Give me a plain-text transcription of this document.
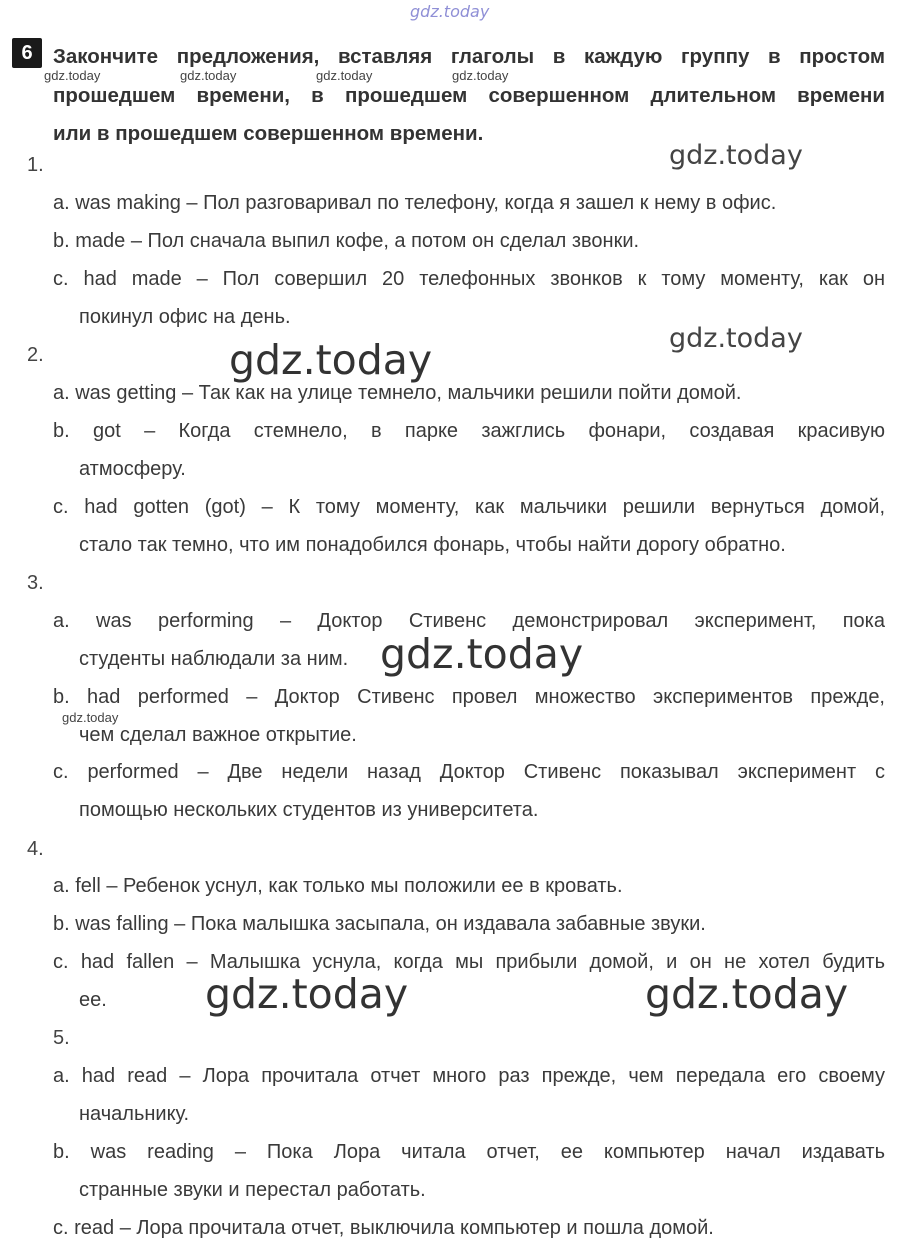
gdz.today
gdz.today	gdz.today	gdz.today	gdz.today
gdz.today
gdz.today
gdz.today
gdz.today
gdz.today
gdz.today	gdz.today
6 Закончите предложения, вставляя глаголы в каждую группу в простом
прошедшем времени, в прошедшем совершенном длительном времени
или в прошедшем совершенном времени.
1.
a. was making – Пол разговаривал по телефону, когда я зашел к нему в офис.
b. made – Пол сначала выпил кофе, а потом он сделал звонки.
c. had made – Пол совершил 20 телефонных звонков к тому моменту, как он
покинул офис на день.
2.
a. was getting – Так как на улице темнело, мальчики решили пойти домой.
b. got – Когда стемнело, в парке зажглись фонари, создавая красивую
атмосферу.
c. had gotten (got) – К тому моменту, как мальчики решили вернуться домой,
стало так темно, что им понадобился фонарь, чтобы найти дорогу обратно.
3.
a. was performing – Доктор Стивенс демонстрировал эксперимент, пока
студенты наблюдали за ним.
b. had performed – Доктор Стивенс провел множество экспериментов прежде,
чем сделал важное открытие.
c. performed – Две недели назад Доктор Стивенс показывал эксперимент с
помощью нескольких студентов из университета.
4.
a. fell – Ребенок уснул, как только мы положили ее в кровать.
b. was falling – Пока малышка засыпала, он издавала забавные звуки.
c. had fallen – Малышка уснула, когда мы прибыли домой, и он не хотел будить
ее.
5.
a. had read – Лора прочитала отчет много раз прежде, чем передала его своему
начальнику.
b. was reading – Пока Лора читала отчет, ее компьютер начал издавать
странные звуки и перестал работать.
c. read – Лора прочитала отчет, выключила компьютер и пошла домой.
